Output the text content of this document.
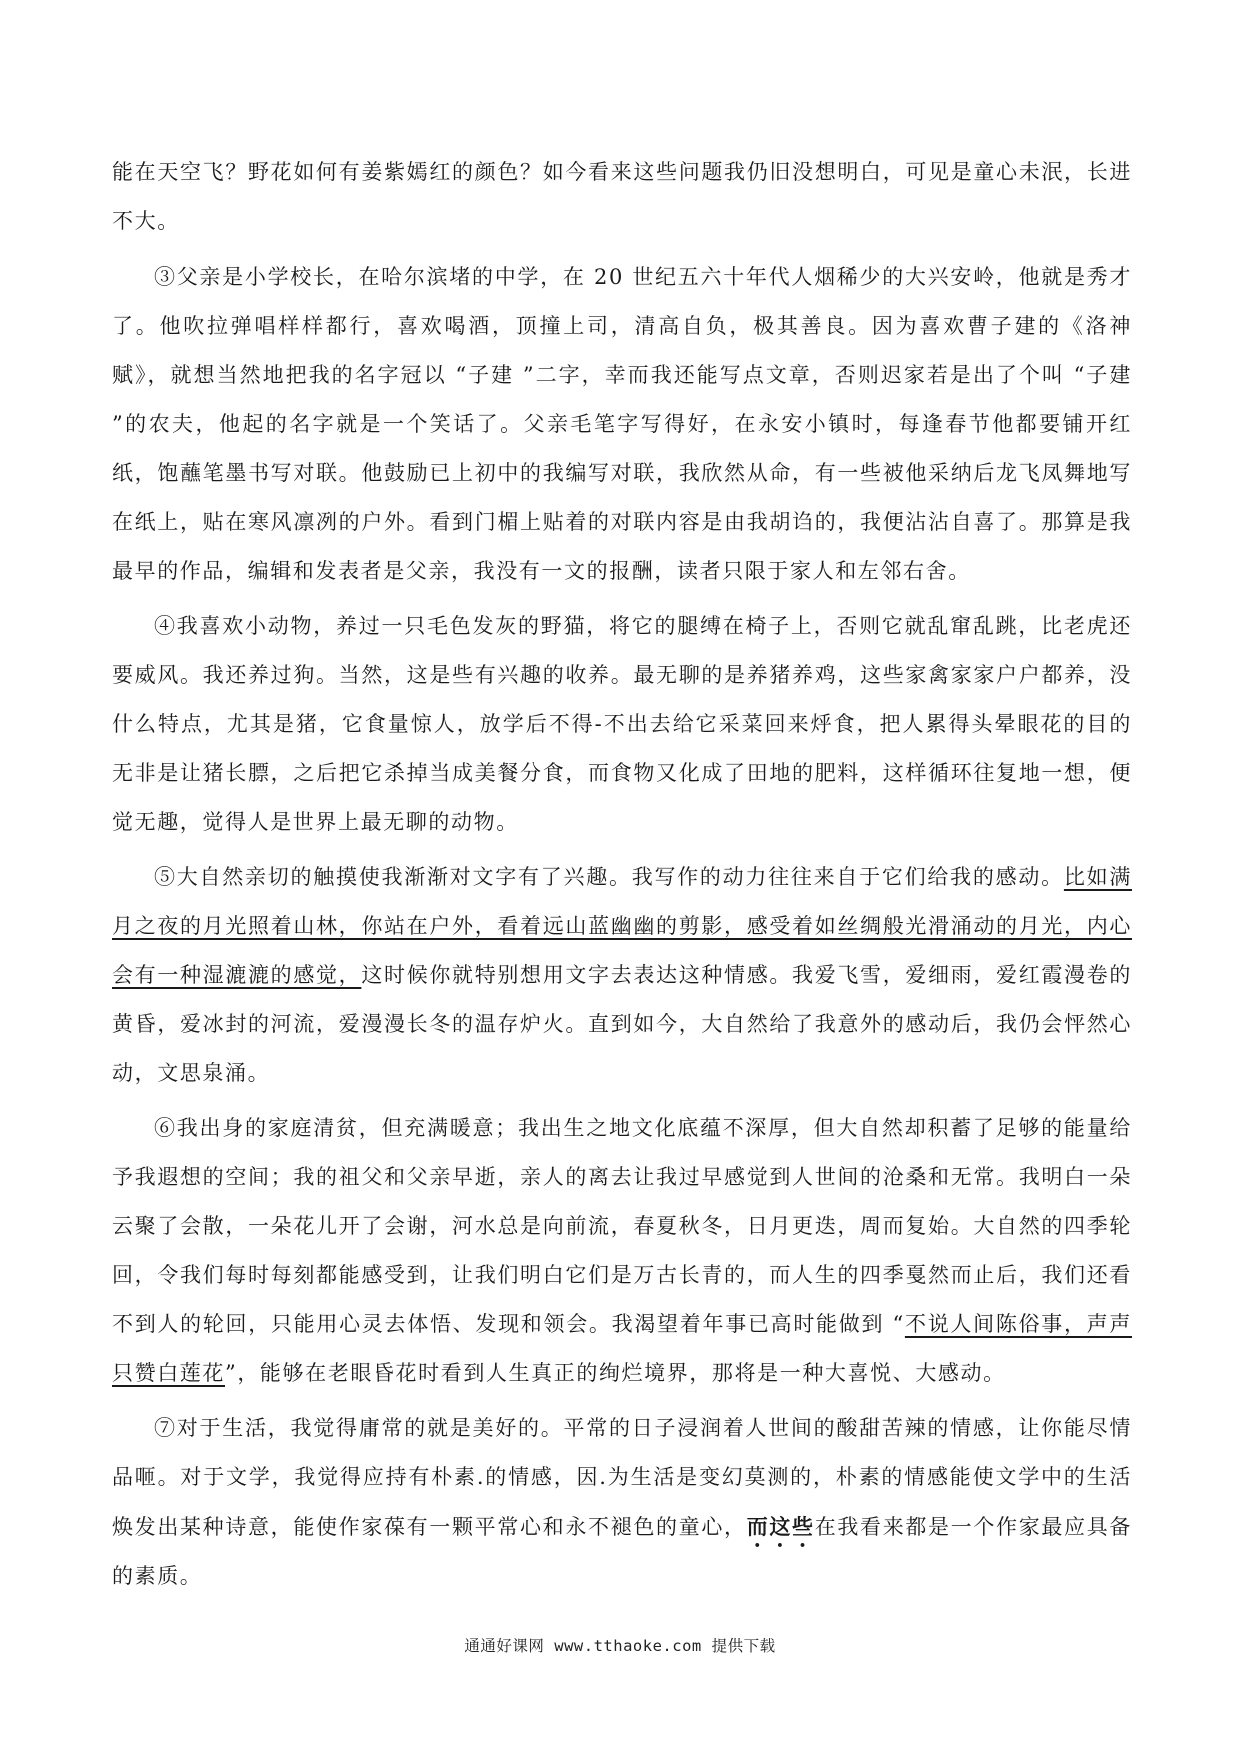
能在天空飞？野花如何有姜紫嫣红的颜色？如今看来这些问题我仍旧没想明白，可见是童心未泯，长进不大。

③父亲是小学校长，在哈尔滨堵的中学，在 20 世纪五六十年代人烟稀少的大兴安岭，他就是秀才了。他吹拉弹唱样样都行，喜欢喝酒，顶撞上司，清高自负，极其善良。因为喜欢曹子建的《洛神赋》，就想当然地把我的名字冠以 “子建 ”二字，幸而我还能写点文章，否则迟家若是出了个叫 “子建 ”的农夫，他起的名字就是一个笑话了。父亲毛笔字写得好，在永安小镇时，每逢春节他都要铺开红纸，饱蘸笔墨书写对联。他鼓励已上初中的我编写对联，我欣然从命，有一些被他采纳后龙飞凤舞地写在纸上，贴在寒风凛冽的户外。看到门楣上贴着的对联内容是由我胡诌的，我便沾沾自喜了。那算是我最早的作品，编辑和发表者是父亲，我没有一文的报酬，读者只限于家人和左邻右舍。

④我喜欢小动物，养过一只毛色发灰的野猫，将它的腿缚在椅子上，否则它就乱窜乱跳，比老虎还要威风。我还养过狗。当然，这是些有兴趣的收养。最无聊的是养猪养鸡，这些家禽家家户户都养，没什么特点，尤其是猪，它食量惊人，放学后不得-不出去给它采菜回来烀食，把人累得头晕眼花的目的无非是让猪长膘，之后把它杀掉当成美餐分食，而食物又化成了田地的肥料，这样循环往复地一想，便觉无趣，觉得人是世界上最无聊的动物。

⑤大自然亲切的触摸使我渐渐对文字有了兴趣。我写作的动力往往来自于它们给我的感动。比如满月之夜的月光照着山林，你站在户外，看着远山蓝幽幽的剪影，感受着如丝绸般光滑涌动的月光，内心会有一种湿漉漉的感觉，这时候你就特别想用文字去表达这种情感。我爱飞雪，爱细雨，爱红霞漫卷的黄昏，爱冰封的河流，爱漫漫长冬的温存炉火。直到如今，大自然给了我意外的感动后，我仍会怦然心动，文思泉涌。

⑥我出身的家庭清贫，但充满暖意；我出生之地文化底蕴不深厚，但大自然却积蓄了足够的能量给予我遐想的空间；我的祖父和父亲早逝，亲人的离去让我过早感觉到人世间的沧桑和无常。我明白一朵云聚了会散，一朵花儿开了会谢，河水总是向前流，春夏秋冬，日月更迭，周而复始。大自然的四季轮回，令我们每时每刻都能感受到，让我们明白它们是万古长青的，而人生的四季戛然而止后，我们还看不到人的轮回，只能用心灵去体悟、发现和领会。我渴望着年事已高时能做到 “不说人间陈俗事，声声只赞白莲花”，能够在老眼昏花时看到人生真正的绚烂境界，那将是一种大喜悦、大感动。

⑦对于生活，我觉得庸常的就是美好的。平常的日子浸润着人世间的酸甜苦辣的情感，让你能尽情品咂。对于文学，我觉得应持有朴素.的情感，因.为生活是变幻莫测的，朴素的情感能使文学中的生活焕发出某种诗意，能使作家葆有一颗平常心和永不褪色的童心，而这些在我看来都是一个作家最应具备的素质。

通通好课网 www.tthaoke.com 提供下载
